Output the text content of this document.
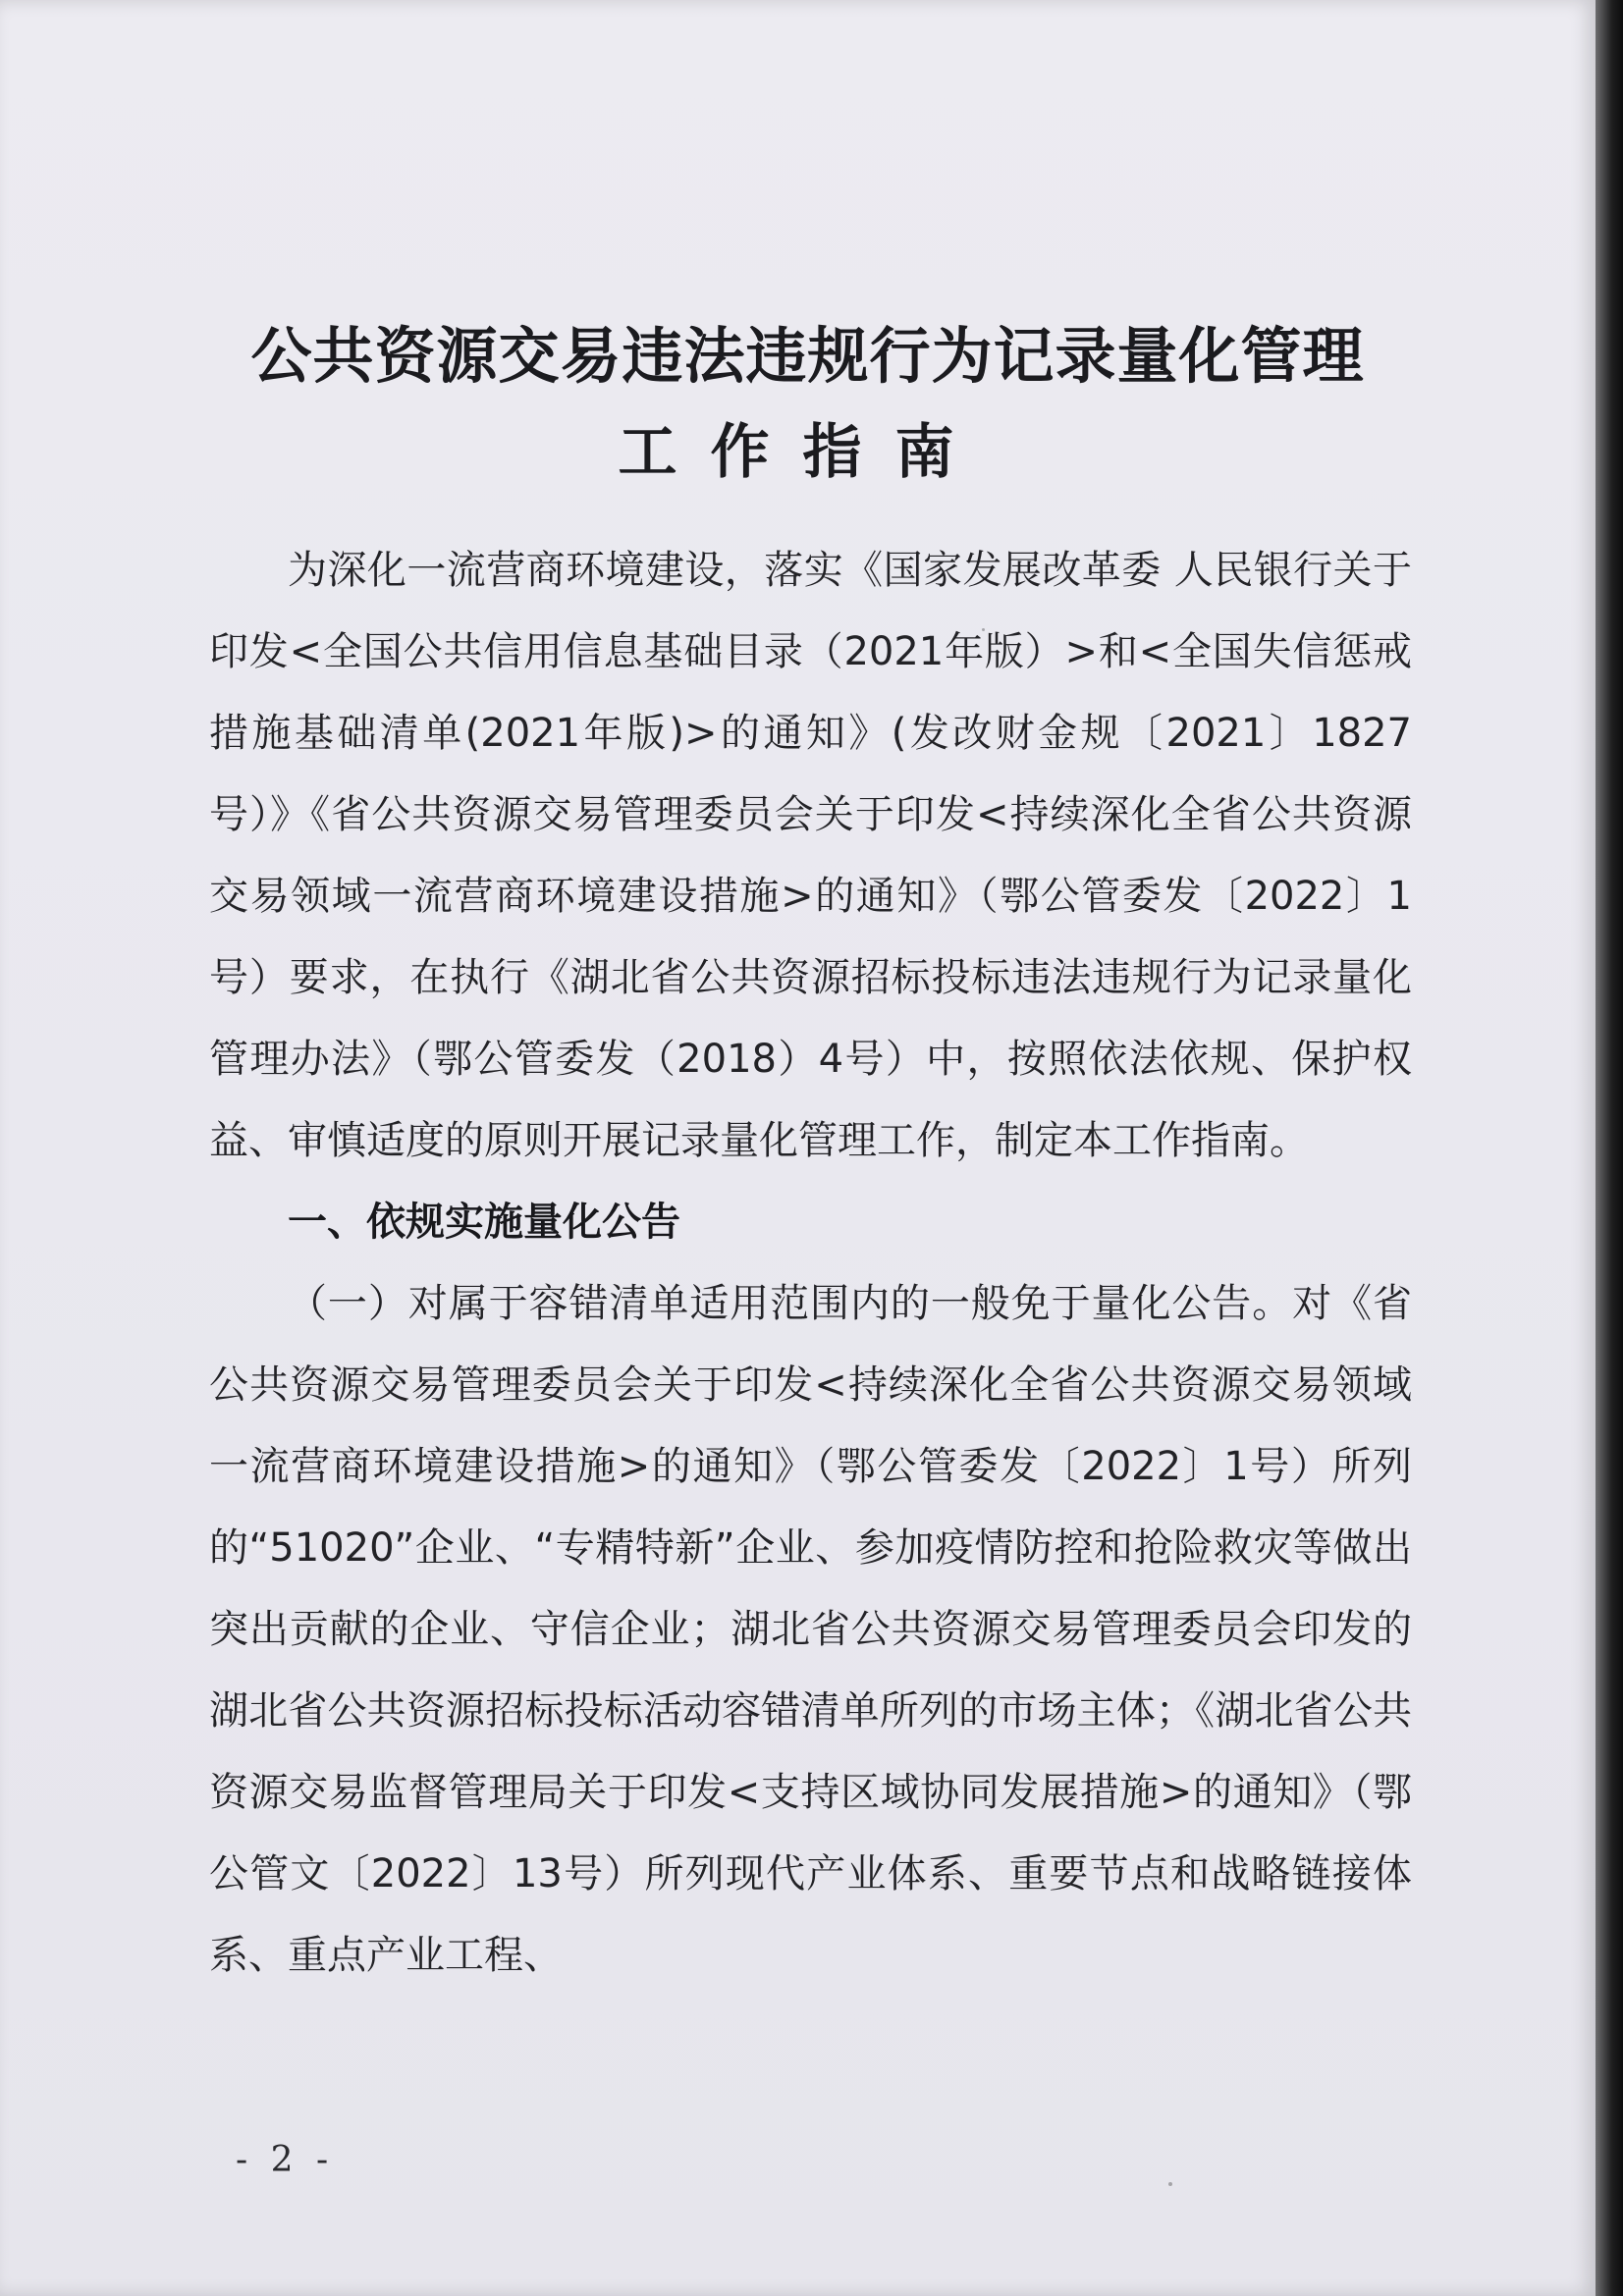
公共资源交易违法违规行为记录量化管理
工作指南

为深化一流营商环境建设，落实《国家发展改革委 人民银行关于印发<全国公共信用信息基础目录（2021年版）>和<全国失信惩戒措施基础清单(2021年版)>的通知》(发改财金规〔2021〕1827号）》《省公共资源交易管理委员会关于印发<持续深化全省公共资源交易领域一流营商环境建设措施>的通知》（鄂公管委发〔2022〕1号）要求，在执行《湖北省公共资源招标投标违法违规行为记录量化管理办法》（鄂公管委发（2018）4号）中，按照依法依规、保护权益、审慎适度的原则开展记录量化管理工作，制定本工作指南。

一、依规实施量化公告

（一）对属于容错清单适用范围内的一般免于量化公告。对《省公共资源交易管理委员会关于印发<持续深化全省公共资源交易领域一流营商环境建设措施>的通知》（鄂公管委发〔2022〕1号）所列的“51020”企业、“专精特新”企业、参加疫情防控和抢险救灾等做出突出贡献的企业、守信企业；湖北省公共资源交易管理委员会印发的湖北省公共资源招标投标活动容错清单所列的市场主体；《湖北省公共资源交易监督管理局关于印发<支持区域协同发展措施>的通知》（鄂公管文〔2022〕13号）所列现代产业体系、重要节点和战略链接体系、重点产业工程、

- 2 -
